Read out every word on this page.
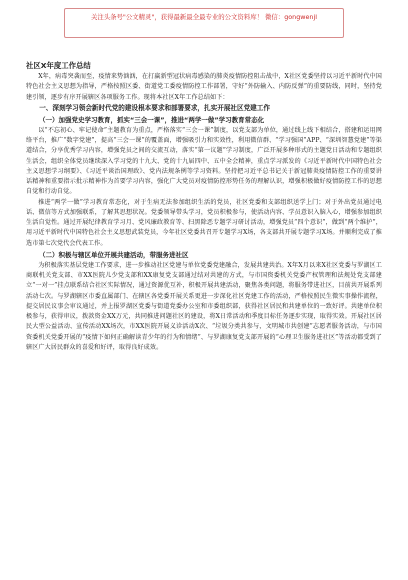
关注头条号"公文精灵"，获得最新最全最专业的公文资料库！ 微信：gongwenjl
社区X年度工作总结

X年，病毒突袭而至，疫情来势汹汹，在打赢新型冠状病毒感染的肺炎疫情防控阻击战中，X社区党委坚持以习近平新时代中国特色社会主义思想为指导，严格按照区委、街道党工委疫情防控工作部署，守好“外防输入、内防反弹”的重要防线，同时，坚持党建引领，逐步有序开展辖区各项服务工作。现将本社区X年工作总结如下：

一、深刻学习领会新时代党的建设根本要求和部署要求，扎实开展社区党建工作
（一）加强党史学习教育，抓实“三会一课”，推进“两学一做”学习教育常态化

以“不忘初心、牢记使命”主题教育为重点，严格落实“三会一课”制度，以党支部为单位，通过线上线下相结合，搭建和运用网络平台，推广“数字党建”，提高“三会一课”的覆盖面，增强吸引力和实效性，利用微信群、“学习强国”APP、“深圳智慧党建”等渠道结合，分享优秀学习内容，增强党员之间的交流互动，落实“第一议题”学习制度，广泛开展多种形式的主题党日活动和专题组织生活会，组织全体党员继续深入学习党的十九大、党的十九届四中、五中全会精神，重点学习派发的《习近平新时代中国特色社会主义思想学习纲要》、《习近平谈治国理政》、党内法规条例等学习资料。坚持把习近平总书记关于新冠肺炎疫情防控工作的重要讲话精神和重要指示批示精神作为首要学习内容，强化广大党员对疫情防控形势任务的理解认识，增强积极做好疫情防控工作的思想自觉和行动自觉。

推进“两学一做”学习教育常态化，对于生病无法参加组织生活的党员，社区党委和支部组织送学上门；对于外出党员通过电话、微信等方式加强联系，了解其思想状况。党委领导带头学习，党员积极参与，使活动内容、学员意识入脑入心，增强参加组织生活自觉性。通过开展纪律教育学习月、党风廉政教育等、扫黑除恶专题学习研讨活动，增强党员“四个意识”，做到“两个维护”，用习近平新时代中国特色社会主义思想武装党员，今年社区党委共召开专题学习X场，各支部共开展专题学习X场。并顺利完成了推选市第七次党代会代表工作。

（二）积极与辖区单位开展共建活动，带服务进社区

为积极落实基层党建工作要求，进一步推动社区党建与单位党委党建融合，发展共建共治。X年X月以来X社区党委与罗湖区工商联机关党支部、市XX医院儿少党支部和XX康复党支部通过结对共建的方式，与市国资委机关党委产权管理和法规处党支部建立“一对一”挂点联系结合社区实际情况，通过资源优互补，积极开展共建活动，聚焦各类问题，将服务带进社区，目前共开展系列活动七次。与罗湖辖区市委直属部门、在辖区各党委开展关系更进一步深化社区党建工作的活动，严格按照民生微实事操作流程，提交居民议事会审议通过，并上报罗湖区党委与街道党委办公室和市委组织部，获得社区居民和共建单位的一致好评。共建单位积极参与，获得审议，拨款资金XX万元，共同推进问题社区的建设，将X日常活动和季度目标任务逐步实现，取得实效。开展社区居民大型公益活动、宣传活动XX场次，市XX医院开展义诊活动X次、“垃圾分类共参与，文明城市共创建”志愿者服务活动，与市国资委机关党委开展的“疫情下如何正确解读青少年的行为和情绪”、与罗湖康复党支部开展的“心理卫生服务进社区”等活动都受到了辖区广大居民群众的喜爱和好评，取得良好成效。
